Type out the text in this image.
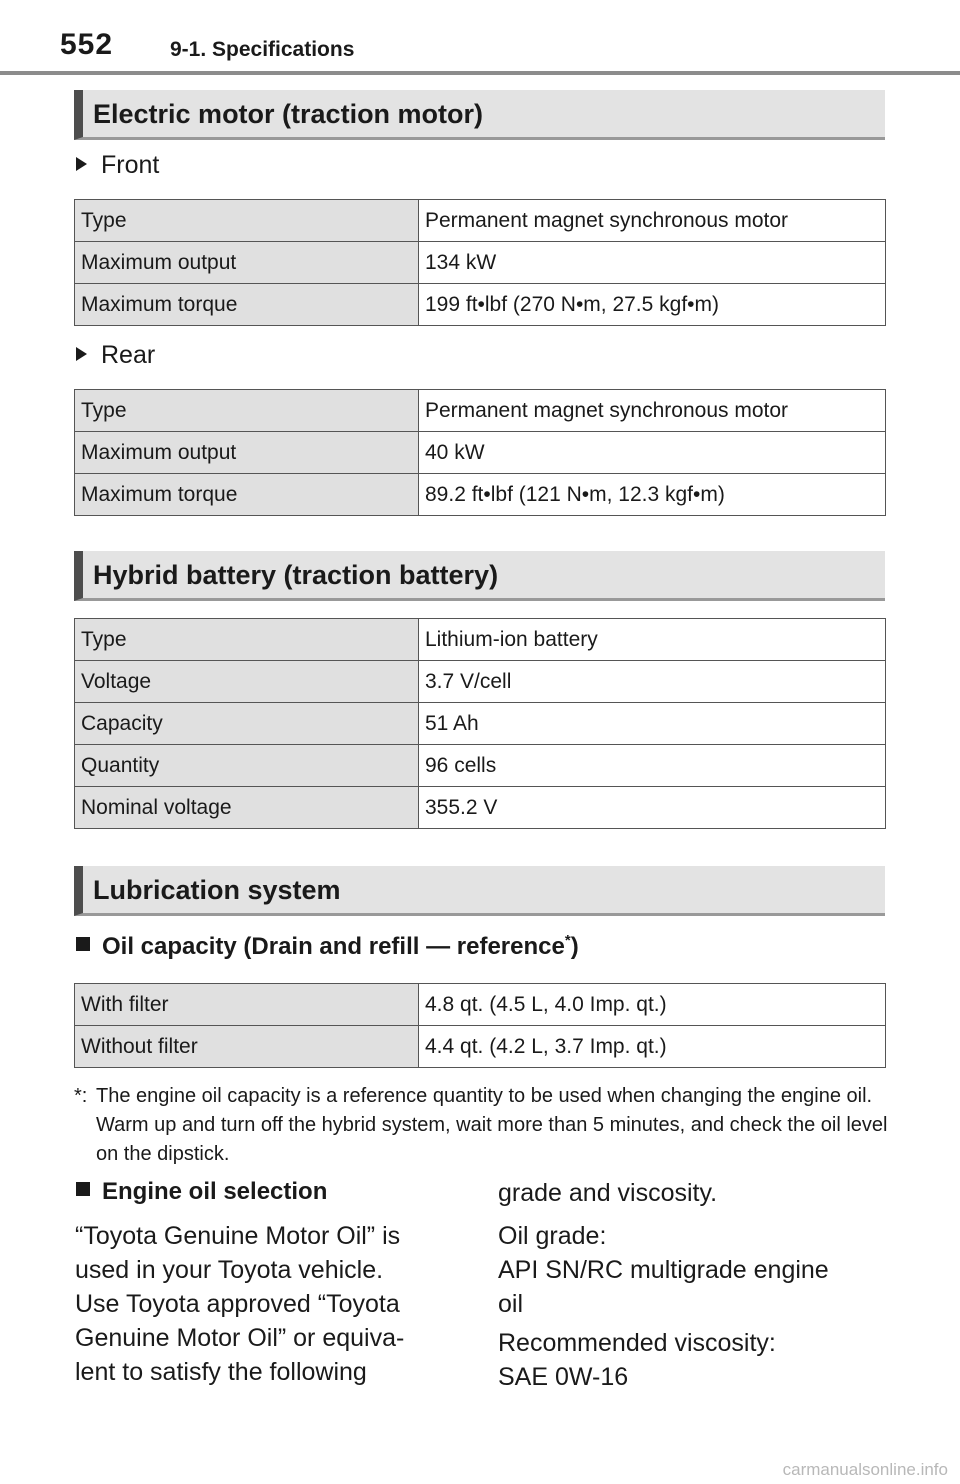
552	9-1. Specifications
Electric motor (traction motor)
Front
Type	Permanent magnet synchronous motor
Maximum output	134 kW
Maximum torque	199 ft•lbf (270 N•m, 27.5 kgf•m)
Rear
Type	Permanent magnet synchronous motor
Maximum output	40 kW
Maximum torque	89.2 ft•lbf (121 N•m, 12.3 kgf•m)
Hybrid battery (traction battery)
Type	Lithium-ion battery
Voltage	3.7 V/cell
Capacity	51 Ah
Quantity	96 cells
Nominal voltage	355.2 V
Lubrication system
Oil capacity (Drain and refill — reference*)
With filter	4.8 qt. (4.5 L, 4.0 Imp. qt.)
Without filter	4.4 qt. (4.2 L, 3.7 Imp. qt.)
*: The engine oil capacity is a reference quantity to be used when changing the engine oil. Warm up and turn off the hybrid system, wait more than 5 minutes, and check the oil level on the dipstick.
Engine oil selection
“Toyota Genuine Motor Oil” is
used in your Toyota vehicle.
Use Toyota approved “Toyota
Genuine Motor Oil” or equiva-
lent to satisfy the following
grade and viscosity.
Oil grade:
API SN/RC multigrade engine
oil
Recommended viscosity:
SAE 0W-16
carmanualsonline.info
